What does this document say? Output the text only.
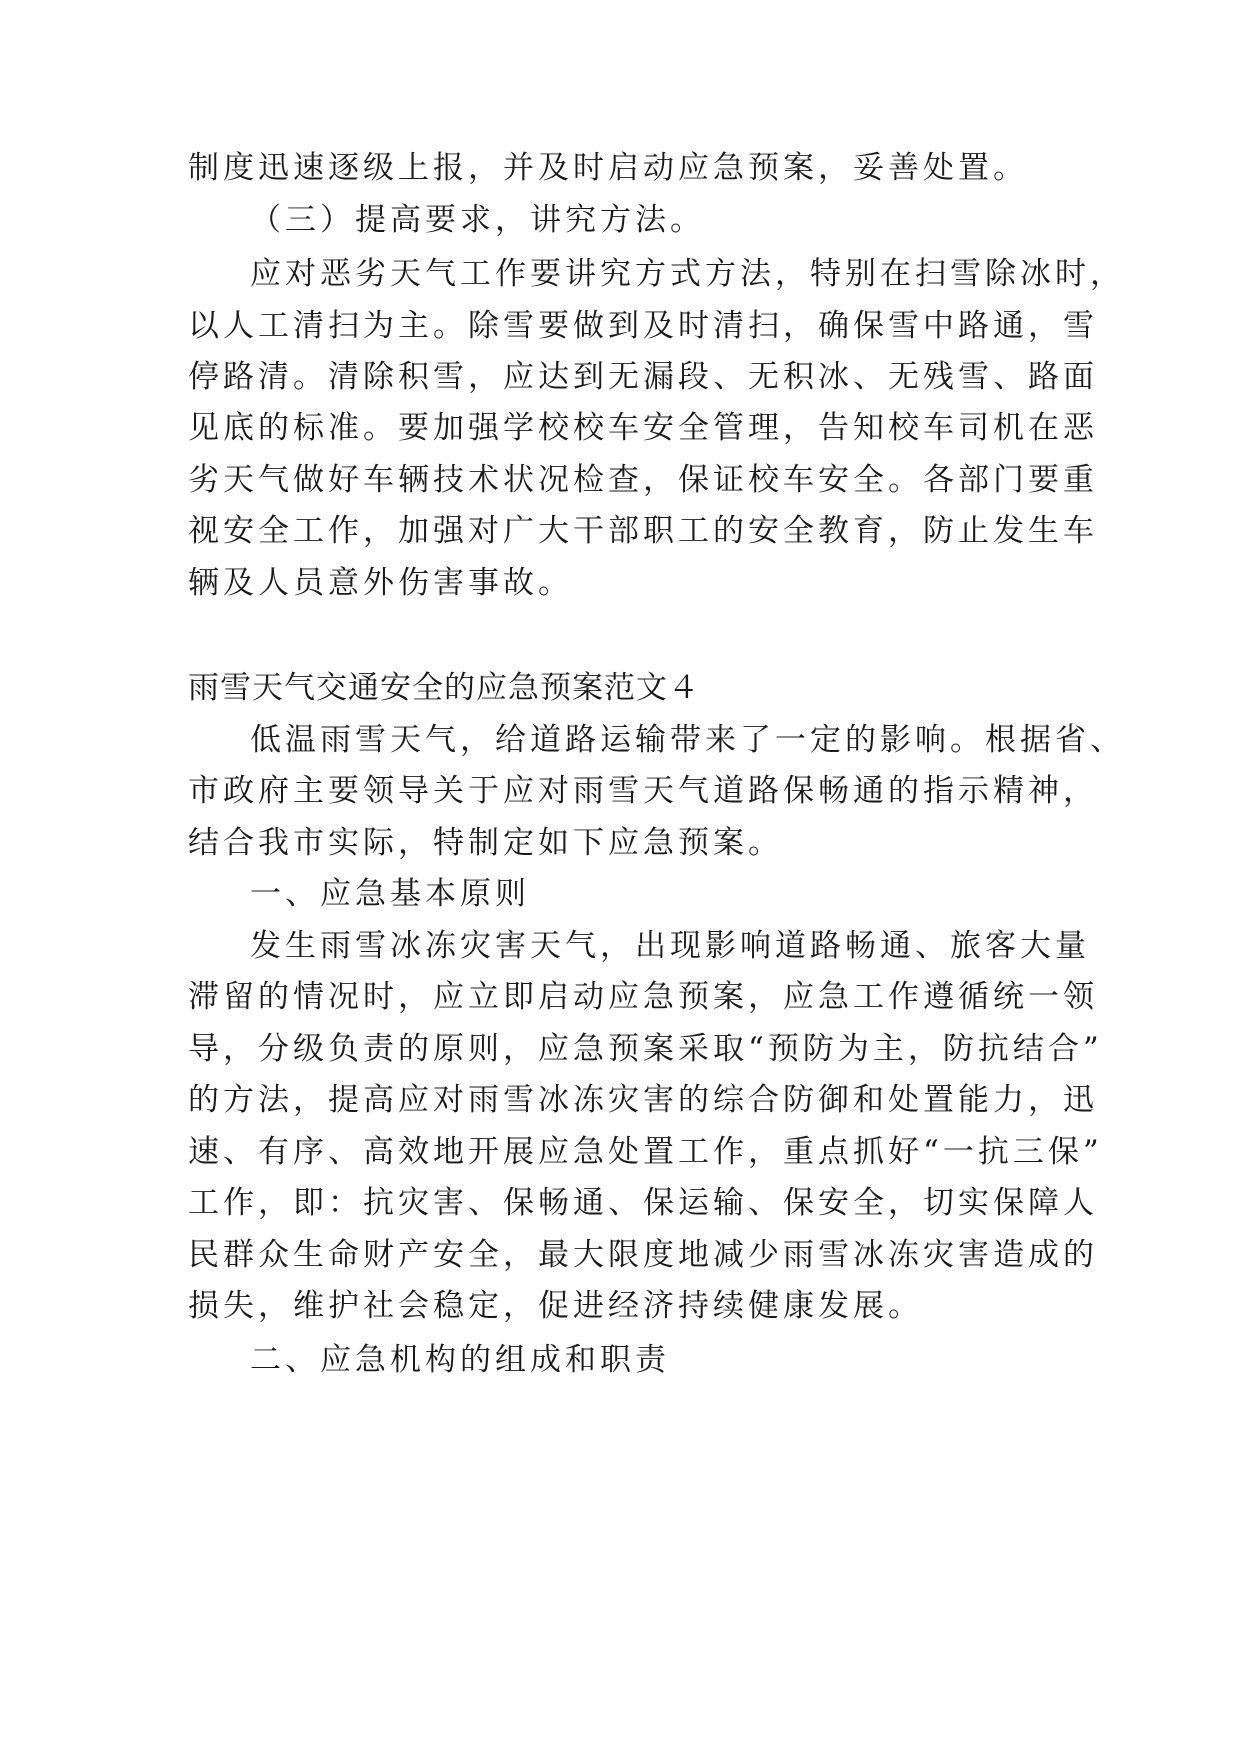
制度迅速逐级上报，并及时启动应急预案，妥善处置。
（三）提高要求，讲究方法。
应对恶劣天气工作要讲究方式方法，特别在扫雪除冰时，
以人工清扫为主。除雪要做到及时清扫，确保雪中路通，雪
停路清。清除积雪，应达到无漏段、无积冰、无残雪、路面
见底的标准。要加强学校校车安全管理，告知校车司机在恶
劣天气做好车辆技术状况检查，保证校车安全。各部门要重
视安全工作，加强对广大干部职工的安全教育，防止发生车
辆及人员意外伤害事故。
雨雪天气交通安全的应急预案范文４
低温雨雪天气，给道路运输带来了一定的影响。根据省、
市政府主要领导关于应对雨雪天气道路保畅通的指示精神，
结合我市实际，特制定如下应急预案。
一、应急基本原则
发生雨雪冰冻灾害天气，出现影响道路畅通、旅客大量
滞留的情况时，应立即启动应急预案，应急工作遵循统一领
导，分级负责的原则，应急预案采取“预防为主，防抗结合”
的方法，提高应对雨雪冰冻灾害的综合防御和处置能力，迅
速、有序、高效地开展应急处置工作，重点抓好“一抗三保”
工作，即：抗灾害、保畅通、保运输、保安全，切实保障人
民群众生命财产安全，最大限度地减少雨雪冰冻灾害造成的
损失，维护社会稳定，促进经济持续健康发展。
二、应急机构的组成和职责
